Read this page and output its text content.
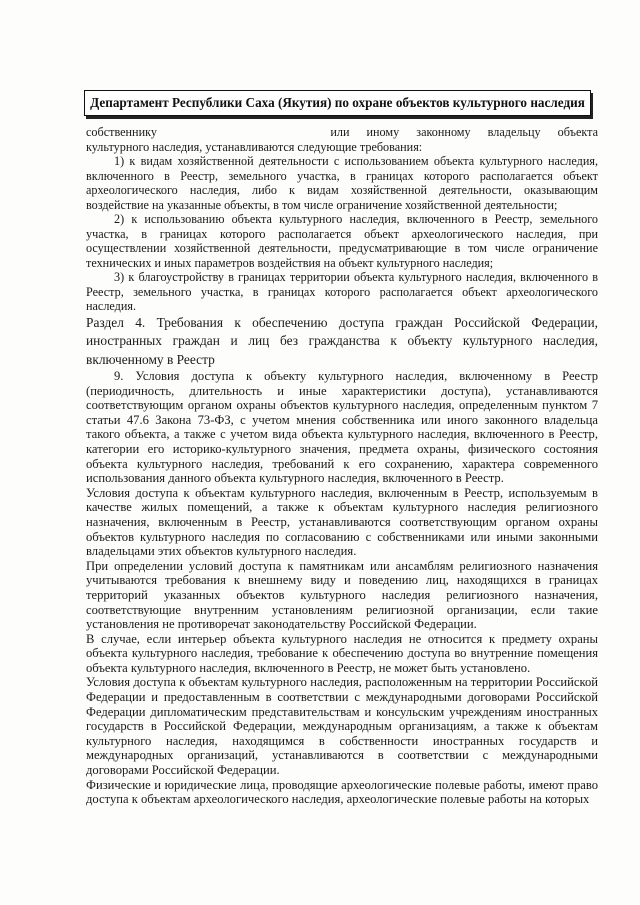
Департамент Республики Саха (Якутия) по охране объектов культурного наследия

собственнику	или иному законному владельцу объекта

культурного наследия, устанавливаются следующие требования:

1) к видам хозяйственной деятельности с использованием объекта культурного наследия, включенного в Реестр, земельного участка, в границах которого располагается объект археологического наследия, либо к видам хозяйственной деятельности, оказывающим воздействие на указанные объекты, в том числе ограничение хозяйственной деятельности;

2) к использованию объекта культурного наследия, включенного в Реестр, земельного участка, в границах которого располагается объект археологического наследия, при осуществлении хозяйственной деятельности, предусматривающие в том числе ограничение технических и иных параметров воздействия на объект культурного наследия;

3) к благоустройству в границах территории объекта культурного наследия, включенного в Реестр, земельного участка, в границах которого располагается объект археологического наследия.

Раздел 4. Требования к обеспечению доступа граждан Российской Федерации, иностранных граждан и лиц без гражданства к объекту культурного наследия, включенному в Реестр

9. Условия доступа к объекту культурного наследия, включенному в Реестр (периодичность, длительность и иные характеристики доступа), устанавливаются соответствующим органом охраны объектов культурного наследия, определенным пунктом 7 статьи 47.6 Закона 73-ФЗ, с учетом мнения собственника или иного законного владельца такого объекта, а также с учетом вида объекта культурного наследия, включенного в Реестр, категории его историко-культурного значения, предмета охраны, физического состояния объекта культурного наследия, требований к его сохранению, характера современного использования данного объекта культурного наследия, включенного в Реестр.

Условия доступа к объектам культурного наследия, включенным в Реестр, используемым в качестве жилых помещений, а также к объектам культурного наследия религиозного назначения, включенным в Реестр, устанавливаются соответствующим органом охраны объектов культурного наследия по согласованию с собственниками или иными законными владельцами этих объектов культурного наследия.

При определении условий доступа к памятникам или ансамблям религиозного назначения учитываются требования к внешнему виду и поведению лиц, находящихся в границах территорий указанных объектов культурного наследия религиозного назначения, соответствующие внутренним установлениям религиозной организации, если такие установления не противоречат законодательству Российской Федерации.

В случае, если интерьер объекта культурного наследия не относится к предмету охраны объекта культурного наследия, требование к обеспечению доступа во внутренние помещения объекта культурного наследия, включенного в Реестр, не может быть установлено.

Условия доступа к объектам культурного наследия, расположенным на территории Российской Федерации и предоставленным в соответствии с международными договорами Российской Федерации дипломатическим представительствам и консульским учреждениям иностранных государств в Российской Федерации, международным организациям, а также к объектам культурного наследия, находящимся в собственности иностранных государств и международных организаций, устанавливаются в соответствии с международными договорами Российской Федерации.

Физические и юридические лица, проводящие археологические полевые работы, имеют право доступа к объектам археологического наследия, археологические полевые работы на которых
